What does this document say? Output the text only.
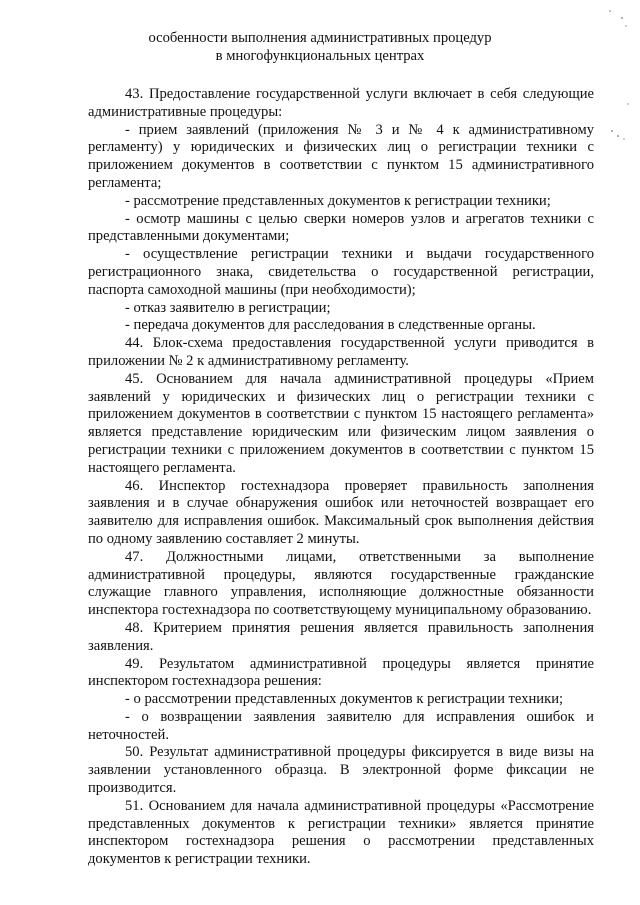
особенности выполнения административных процедур
в многофункциональных центрах

43. Предоставление государственной услуги включает в себя следующие административные процедуры:

- прием заявлений (приложения № 3 и № 4 к административному регламенту) у юридических и физических лиц о регистрации техники с приложением документов в соответствии с пунктом 15 административного регламента;

- рассмотрение представленных документов к регистрации техники;

- осмотр машины с целью сверки номеров узлов и агрегатов техники с представленными документами;

- осуществление регистрации техники и выдачи государственного регистрационного знака, свидетельства о государственной регистрации, паспорта самоходной машины (при необходимости);

- отказ заявителю в регистрации;

- передача документов для расследования в следственные органы.

44. Блок-схема предоставления государственной услуги приводится в приложении № 2 к административному регламенту.

45. Основанием для начала административной процедуры «Прием заявлений у юридических и физических лиц о регистрации техники с приложением документов в соответствии с пунктом 15 настоящего регламента» является представление юридическим или физическим лицом заявления о регистрации техники с приложением документов в соответствии с пунктом 15 настоящего регламента.

46. Инспектор гостехнадзора проверяет правильность заполнения заявления и в случае обнаружения ошибок или неточностей возвращает его заявителю для исправления ошибок. Максимальный срок выполнения действия по одному заявлению составляет 2 минуты.

47. Должностными лицами, ответственными за выполнение административной процедуры, являются государственные гражданские служащие главного управления, исполняющие должностные обязанности инспектора гостехнадзора по соответствующему муниципальному образованию.

48. Критерием принятия решения является правильность заполнения заявления.

49. Результатом административной процедуры является принятие инспектором гостехнадзора решения:

- о рассмотрении представленных документов к регистрации техники;

- о возвращении заявления заявителю для исправления ошибок и неточностей.

50. Результат административной процедуры фиксируется в виде визы на заявлении установленного образца. В электронной форме фиксации не производится.

51. Основанием для начала административной процедуры «Рассмотрение представленных документов к регистрации техники» является принятие инспектором гостехнадзора решения о рассмотрении представленных документов к регистрации техники.
